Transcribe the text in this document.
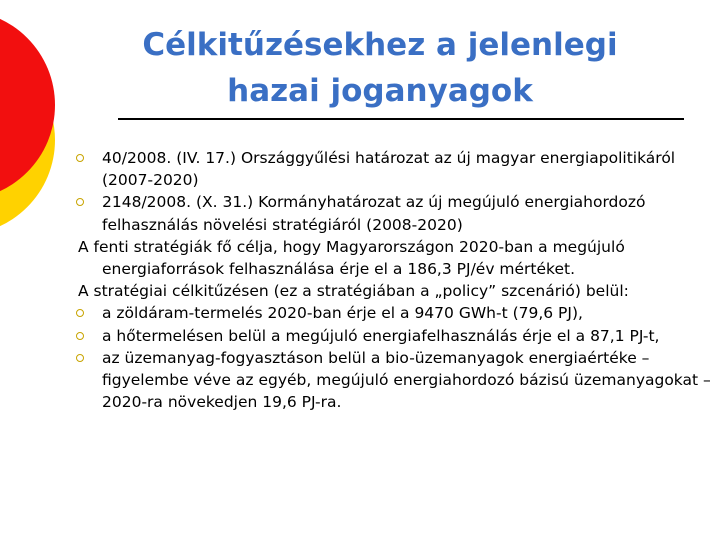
Célkitűzésekhez a jelenlegi hazai joganyagok

40/2008. (IV. 17.) Országgyűlési határozat az új magyar energiapolitikáról (2007-2020)

2148/2008. (X. 31.) Kormányhatározat az új megújuló energiahordozó felhasználás növelési stratégiáról (2008-2020)

A fenti stratégiák fő célja, hogy Magyarországon 2020-ban a megújuló energiaforrások felhasználása érje el a 186,3 PJ/év mértéket.

A stratégiai célkitűzésen (ez a stratégiában a „policy” szcenárió) belül:

a zöldáram-termelés 2020-ban érje el a 9470 GWh-t (79,6 PJ),

a hőtermelésen belül a megújuló energiafelhasználás érje el a 87,1 PJ-t,

az üzemanyag-fogyasztáson belül a bio-üzemanyagok energiaértéke – figyelembe véve az egyéb, megújuló energiahordozó bázisú üzemanyagokat – 2020-ra növekedjen 19,6 PJ-ra.
